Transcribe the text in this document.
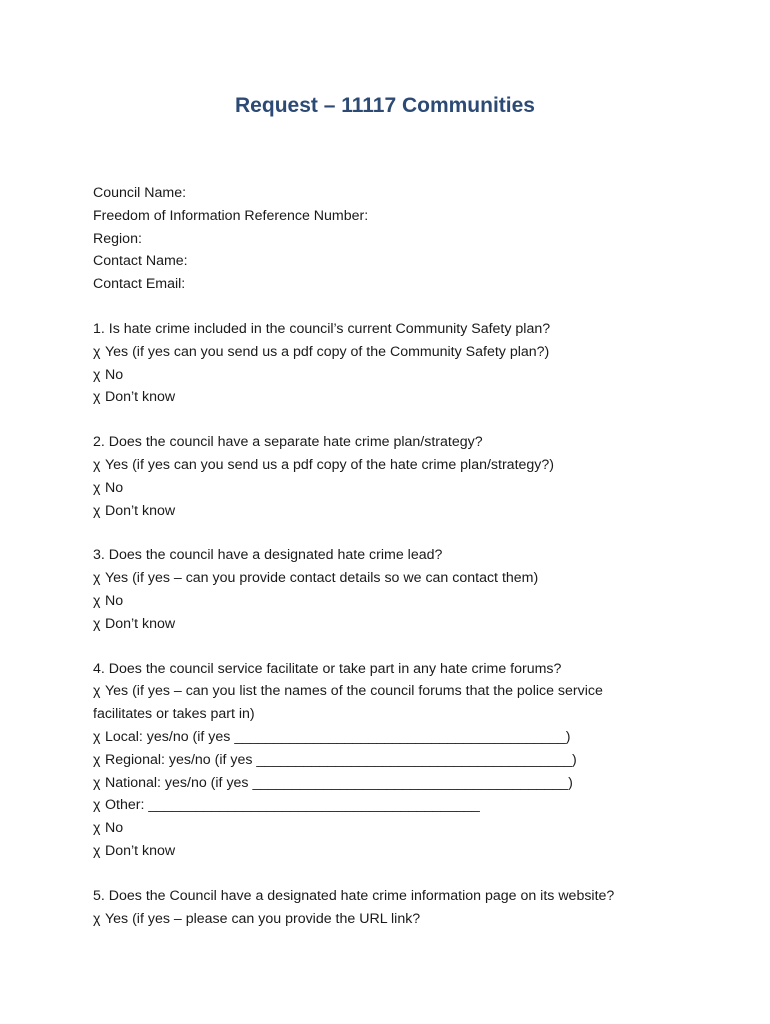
Request – 11117 Communities
Council Name:
Freedom of Information Reference Number:
Region:
Contact Name:
Contact Email:
1. Is hate crime included in the council’s current Community Safety plan?
χ Yes (if yes can you send us a pdf copy of the Community Safety plan?)
χ No
χ Don’t know
2. Does the council have a separate hate crime plan/strategy?
χ Yes (if yes can you send us a pdf copy of the hate crime plan/strategy?)
χ No
χ Don’t know
3. Does the council have a designated hate crime lead?
χ Yes (if yes – can you provide contact details so we can contact them)
χ No
χ Don’t know
4. Does the council service facilitate or take part in any hate crime forums?
χ Yes (if yes – can you list the names of the council forums that the police service
facilitates or takes part in)
χ Local: yes/no (if yes __________________________________________)
χ Regional: yes/no (if yes ________________________________________)
χ National: yes/no (if yes ________________________________________)
χ Other: __________________________________________
χ No
χ Don’t know
5. Does the Council have a designated hate crime information page on its website?
χ Yes (if yes – please can you provide the URL link?
